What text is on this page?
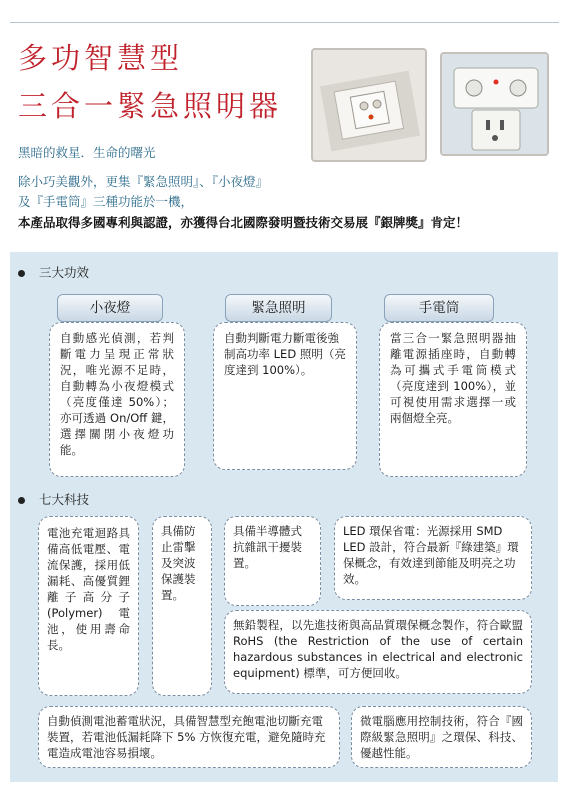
多功智慧型
三合一緊急照明器
黑暗的救星．生命的曙光
除小巧美觀外，更集『緊急照明』、『小夜燈』
及『手電筒』三種功能於一機，
本產品取得多國專利與認證，亦獲得台北國際發明暨技術交易展『銀牌獎』肯定！
三大功效
小夜燈	緊急照明	手電筒
自動感光偵測，若判斷電力呈現正常狀況，唯光源不足時，自動轉為小夜燈模式（亮度僅達 50%）；亦可透過 On/Off 鍵，選擇關閉小夜燈功能。
自動判斷電力斷電後強制高功率 LED 照明（亮度達到 100%）。
當三合一緊急照明器抽離電源插座時，自動轉為可攜式手電筒模式（亮度達到 100%），並可視使用需求選擇一或兩個燈全亮。
七大科技
電池充電迴路具備高低電壓、電流保護，採用低漏耗、高優質鋰離子高分子 (Polymer) 電池，使用壽命長。
具備防止雷擊及突波保護裝置。
具備半導體式抗雜訊干擾裝置。
LED 環保省電：光源採用 SMD LED 設計，符合最新『綠建築』環保概念，有效達到節能及明亮之功效。
無鉛製程，以先進技術與高品質環保概念製作，符合歐盟 RoHS (the Restriction of the use of certain hazardous substances in electrical and electronic equipment) 標準，可方便回收。
自動偵測電池蓄電狀況，具備智慧型充飽電池切斷充電裝置，若電池低漏耗降下 5% 方恢復充電，避免隨時充電造成電池容易損壞。
微電腦應用控制技術，符合『國際級緊急照明』之環保、科技、優越性能。
